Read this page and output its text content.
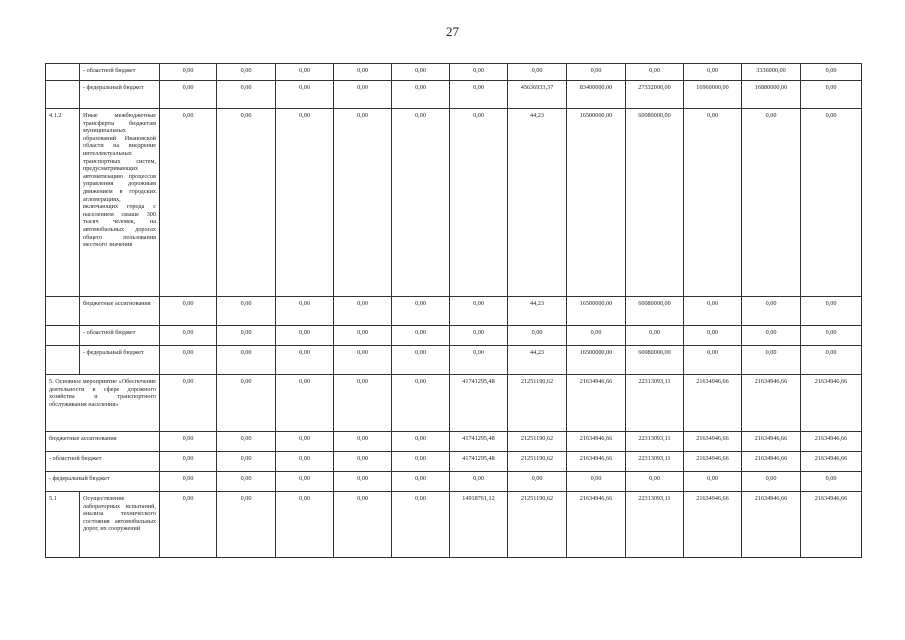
27
	- областной бюджет	0,00	0,00	0,00	0,00	0,00	0,00	0,00	0,00	0,00	0,00	3336000,00	0,00
	- федеральный бюджет	0,00	0,00	0,00	0,00	0,00	0,00	45636933,37	83400000,00	27332000,00	16960000,00	16880000,00	0,00
4.1.2	Иные межбюджетные трансферты бюджетам муниципальных образований Ивановской области на внедрение интеллектуальных транспортных систем, предусматривающих автоматизацию процессов управления дорожным движением в городских агломерациях, включающих города с населением свыше 300 тысяч человек, на автомобильных дорогах общего пользования местного значения	0,00	0,00	0,00	0,00	0,00	0,00	44,23	16500000,00	60080000,00	0,00	0,00	0,00
	бюджетные ассигнования	0,00	0,00	0,00	0,00	0,00	0,00	44,23	16500000,00	60080000,00	0,00	0,00	0,00
	- областной бюджет	0,00	0,00	0,00	0,00	0,00	0,00	0,00	0,00	0,00	0,00	0,00	0,00
	- федеральный бюджет	0,00	0,00	0,00	0,00	0,00	0,00	44,23	16500000,00	60080000,00	0,00	0,00	0,00
5. Основное мероприятие «Обеспечение деятельности в сфере дорожного хозяйства и транспортного обслуживания населения»		0,00	0,00	0,00	0,00	0,00	41741295,48	21251190,62	21634946,66	22313093,11	21634946,66	21634946,66	21634946,66
бюджетные ассигнования		0,00	0,00	0,00	0,00	0,00	41741295,48	21251190,62	21634946,66	22313093,11	21634946,66	21634946,66	21634946,66
- областной бюджет		0,00	0,00	0,00	0,00	0,00	41741295,48	21251190,62	21634946,66	22313093,11	21634946,66	21634946,66	21634946,66
- федеральный бюджет		0,00	0,00	0,00	0,00	0,00	0,00	0,00	0,00	0,00	0,00	0,00	0,00
5.1	Осуществление лабораторных испытаний, анализа технического состояния автомобильных дорог, их сооружений	0,00	0,00	0,00	0,00	0,00	14918761,12	21251190,62	21634946,66	22313093,11	21634946,66	21634946,66	21634946,66
